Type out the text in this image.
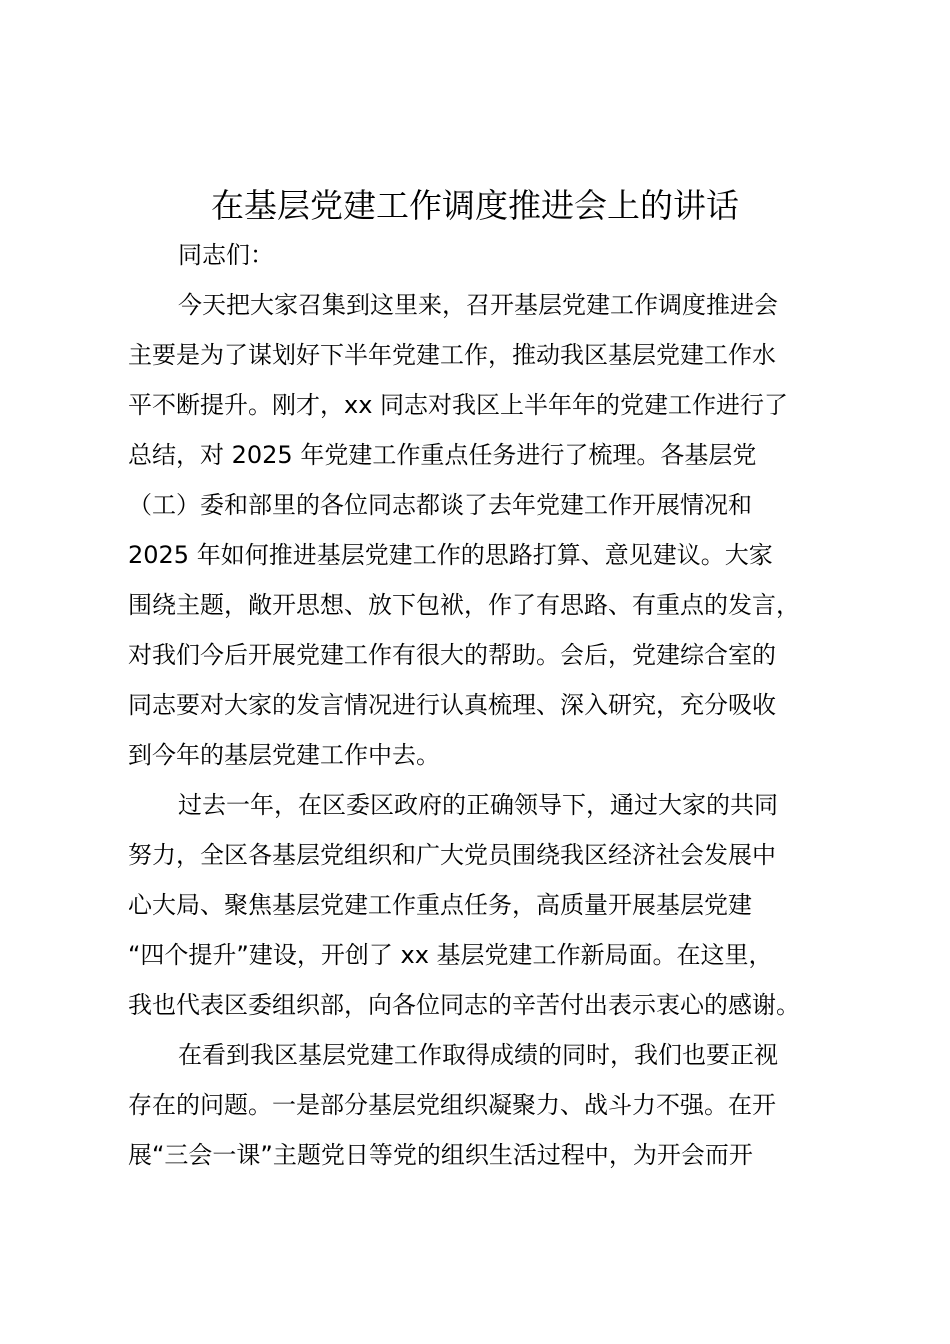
在基层党建工作调度推进会上的讲话
同志们：
今天把大家召集到这里来，召开基层党建工作调度推进会
主要是为了谋划好下半年党建工作，推动我区基层党建工作水
平不断提升。刚才，xx 同志对我区上半年年的党建工作进行了
总结，对 2025 年党建工作重点任务进行了梳理。各基层党
（工）委和部里的各位同志都谈了去年党建工作开展情况和
2025 年如何推进基层党建工作的思路打算、意见建议。大家
围绕主题，敞开思想、放下包袱，作了有思路、有重点的发言，
对我们今后开展党建工作有很大的帮助。会后，党建综合室的
同志要对大家的发言情况进行认真梳理、深入研究，充分吸收
到今年的基层党建工作中去。
过去一年，在区委区政府的正确领导下，通过大家的共同
努力，全区各基层党组织和广大党员围绕我区经济社会发展中
心大局、聚焦基层党建工作重点任务，高质量开展基层党建
“四个提升”建设，开创了 xx 基层党建工作新局面。在这里，
我也代表区委组织部，向各位同志的辛苦付出表示衷心的感谢。
在看到我区基层党建工作取得成绩的同时，我们也要正视
存在的问题。一是部分基层党组织凝聚力、战斗力不强。在开
展“三会一课”主题党日等党的组织生活过程中，为开会而开
